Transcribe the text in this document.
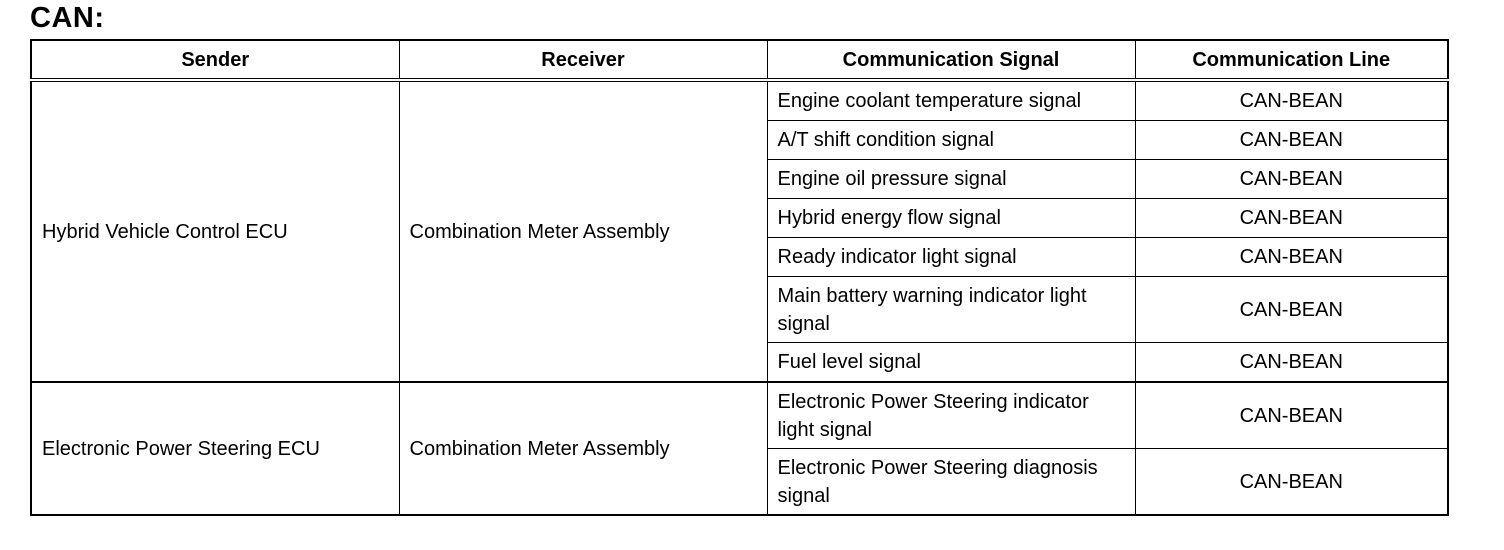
CAN:
Sender	Receiver	Communication Signal	Communication Line
Hybrid Vehicle Control ECU	Combination Meter Assembly	Engine coolant temperature signal	CAN-BEAN
		A/T shift condition signal	CAN-BEAN
		Engine oil pressure signal	CAN-BEAN
		Hybrid energy flow signal	CAN-BEAN
		Ready indicator light signal	CAN-BEAN
		Main battery warning indicator light signal	CAN-BEAN
		Fuel level signal	CAN-BEAN
Electronic Power Steering ECU	Combination Meter Assembly	Electronic Power Steering indicator light signal	CAN-BEAN
		Electronic Power Steering diagnosis signal	CAN-BEAN
